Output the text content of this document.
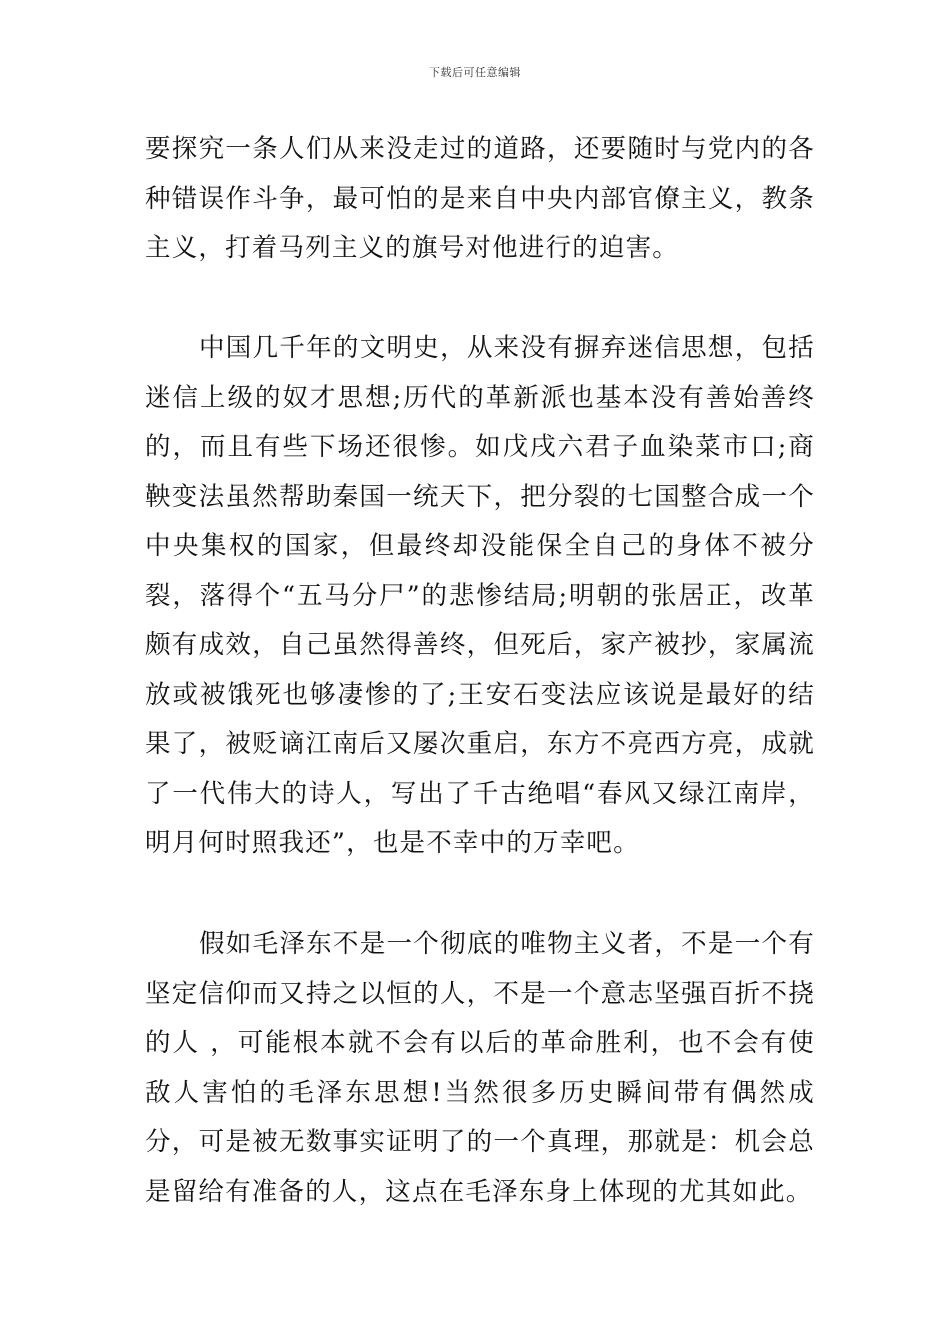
下载后可任意编辑

要探究一条人们从来没走过的道路，还要随时与党内的各种错误作斗争，最可怕的是来自中央内部官僚主义，教条主义，打着马列主义的旗号对他进行的迫害。

中国几千年的文明史，从来没有摒弃迷信思想，包括迷信上级的奴才思想;历代的革新派也基本没有善始善终的，而且有些下场还很惨。如戊戌六君子血染菜市口;商鞅变法虽然帮助秦国一统天下，把分裂的七国整合成一个中央集权的国家，但最终却没能保全自己的身体不被分裂，落得个“五马分尸”的悲惨结局;明朝的张居正，改革颇有成效，自己虽然得善终，但死后，家产被抄，家属流放或被饿死也够凄惨的了;王安石变法应该说是最好的结果了，被贬谪江南后又屡次重启，东方不亮西方亮，成就了一代伟大的诗人，写出了千古绝唱“春风又绿江南岸，明月何时照我还”，也是不幸中的万幸吧。

假如毛泽东不是一个彻底的唯物主义者，不是一个有坚定信仰而又持之以恒的人，不是一个意志坚强百折不挠的人 ，可能根本就不会有以后的革命胜利，也不会有使敌人害怕的毛泽东思想!当然很多历史瞬间带有偶然成分，可是被无数事实证明了的一个真理，那就是：机会总是留给有准备的人，这点在毛泽东身上体现的尤其如此。
